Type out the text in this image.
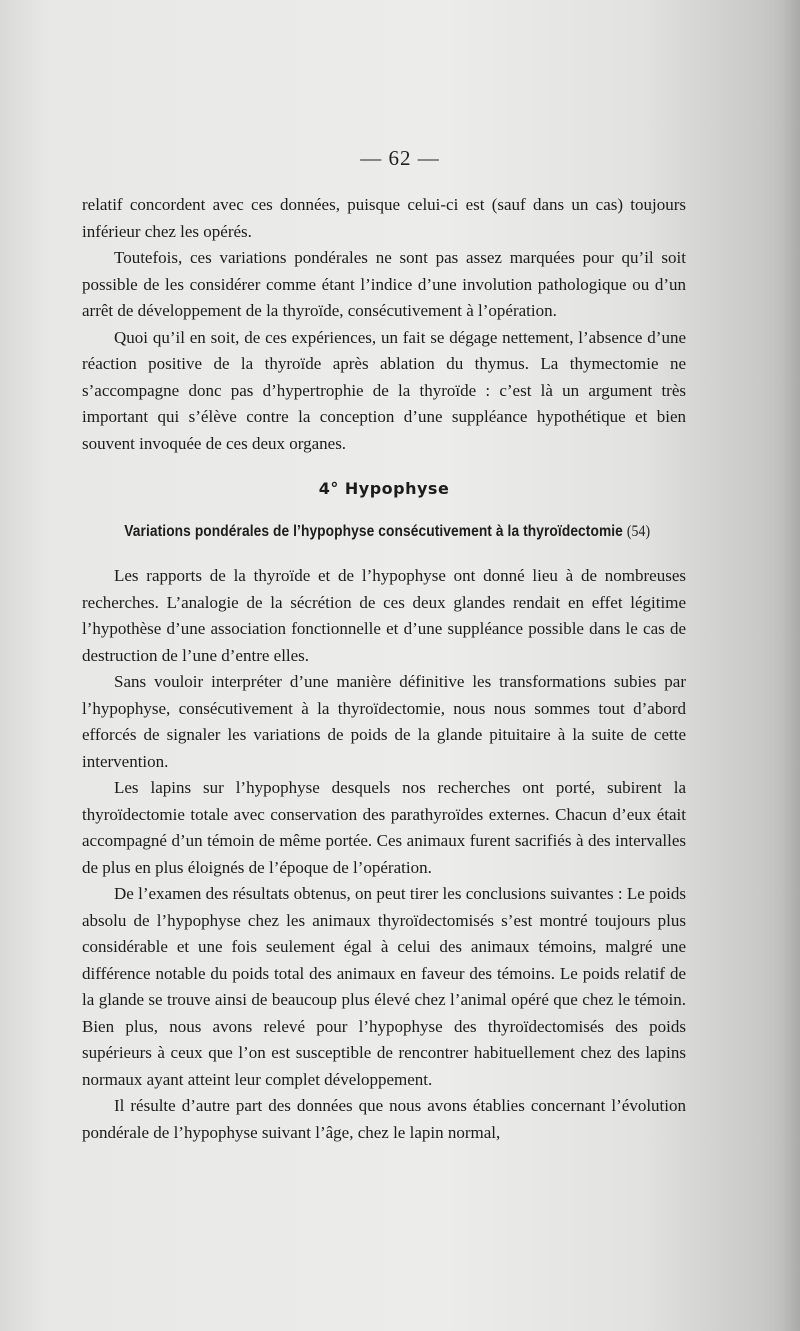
— 62 —

relatif concordent avec ces données, puisque celui-ci est (sauf dans un cas) toujours inférieur chez les opérés.

Toutefois, ces variations pondérales ne sont pas assez marquées pour qu’il soit possible de les considérer comme étant l’indice d’une involution pathologique ou d’un arrêt de développement de la thyroïde, consécutivement à l’opération.

Quoi qu’il en soit, de ces expériences, un fait se dégage nettement, l’absence d’une réaction positive de la thyroïde après ablation du thymus. La thymectomie ne s’accompagne donc pas d’hypertrophie de la thyroïde : c’est là un argument très important qui s’élève contre la conception d’une suppléance hypothétique et bien souvent invoquée de ces deux organes.

4° Hypophyse
Variations pondérales de l’hypophyse consécutivement à la thyroïdectomie (54)

Les rapports de la thyroïde et de l’hypophyse ont donné lieu à de nombreuses recherches. L’analogie de la sécrétion de ces deux glandes rendait en effet légitime l’hypothèse d’une association fonctionnelle et d’une suppléance possible dans le cas de destruction de l’une d’entre elles.

Sans vouloir interpréter d’une manière définitive les transformations subies par l’hypophyse, consécutivement à la thyroïdectomie, nous nous sommes tout d’abord efforcés de signaler les variations de poids de la glande pituitaire à la suite de cette intervention.

Les lapins sur l’hypophyse desquels nos recherches ont porté, subirent la thyroïdectomie totale avec conservation des parathyroïdes externes. Chacun d’eux était accompagné d’un témoin de même portée. Ces animaux furent sacrifiés à des intervalles de plus en plus éloignés de l’époque de l’opération.

De l’examen des résultats obtenus, on peut tirer les conclusions suivantes : Le poids absolu de l’hypophyse chez les animaux thyroïdectomisés s’est montré toujours plus considérable et une fois seulement égal à celui des animaux témoins, malgré une différence notable du poids total des animaux en faveur des témoins. Le poids relatif de la glande se trouve ainsi de beaucoup plus élevé chez l’animal opéré que chez le témoin. Bien plus, nous avons relevé pour l’hypophyse des thyroïdectomisés des poids supérieurs à ceux que l’on est susceptible de rencontrer habituellement chez des lapins normaux ayant atteint leur complet développement.

Il résulte d’autre part des données que nous avons établies concernant l’évolution pondérale de l’hypophyse suivant l’âge, chez le lapin normal,
